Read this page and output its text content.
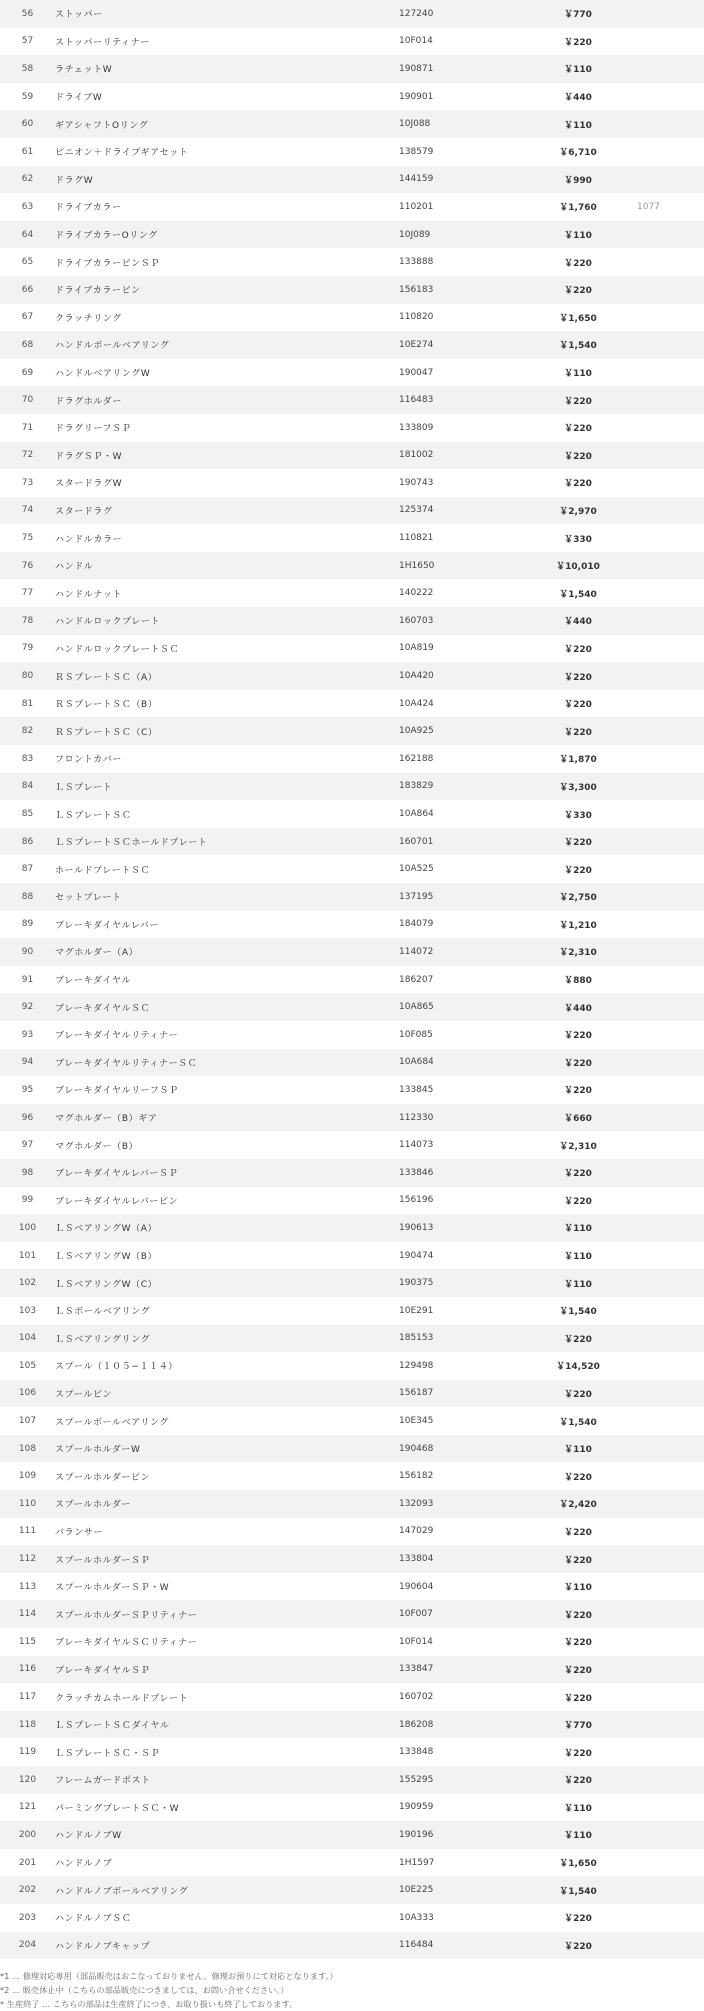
56	ストッパー	127240	￥770	
57	ストッパーリティナー	10F014	￥220	
58	ラチェットW	190871	￥110	
59	ドライブW	190901	￥440	
60	ギアシャフトOリング	10J088	￥110	
61	ピニオン＋ドライブギアセット	138579	￥6,710	
62	ドラグW	144159	￥990	
63	ドライブカラー	110201	￥1,760	1077
64	ドライブカラーOリング	10J089	￥110	
65	ドライブカラーピンＳＰ	133888	￥220	
66	ドライブカラーピン	156183	￥220	
67	クラッチリング	110820	￥1,650	
68	ハンドルボールベアリング	10E274	￥1,540	
69	ハンドルベアリングW	190047	￥110	
70	ドラグホルダー	116483	￥220	
71	ドラグリーフＳＰ	133809	￥220	
72	ドラグＳＰ・W	181002	￥220	
73	スタードラグW	190743	￥220	
74	スタードラグ	125374	￥2,970	
75	ハンドルカラー	110821	￥330	
76	ハンドル	1H1650	￥10,010	
77	ハンドルナット	140222	￥1,540	
78	ハンドルロックプレート	160703	￥440	
79	ハンドルロックプレートＳＣ	10A819	￥220	
80	ＲＳプレートＳＣ（A）	10A420	￥220	
81	ＲＳプレートＳＣ（B）	10A424	￥220	
82	ＲＳプレートＳＣ（C）	10A925	￥220	
83	フロントカバー	162188	￥1,870	
84	ＬＳプレート	183829	￥3,300	
85	ＬＳプレートＳＣ	10A864	￥330	
86	ＬＳプレートＳＣホールドプレート	160701	￥220	
87	ホールドプレートＳＣ	10A525	￥220	
88	セットプレート	137195	￥2,750	
89	ブレーキダイヤルレバー	184079	￥1,210	
90	マグホルダー（A）	114072	￥2,310	
91	ブレーキダイヤル	186207	￥880	
92	ブレーキダイヤルＳＣ	10A865	￥440	
93	ブレーキダイヤルリティナー	10F085	￥220	
94	ブレーキダイヤルリティナーＳＣ	10A684	￥220	
95	ブレーキダイヤルリーフＳＰ	133845	￥220	
96	マグホルダー（B）ギア	112330	￥660	
97	マグホルダー（B）	114073	￥2,310	
98	ブレーキダイヤルレバーＳＰ	133846	￥220	
99	ブレーキダイヤルレバーピン	156196	￥220	
100	ＬＳベアリングW（A）	190613	￥110	
101	ＬＳベアリングW（B）	190474	￥110	
102	ＬＳベアリングW（C）	190375	￥110	
103	ＬＳボールベアリング	10E291	￥1,540	
104	ＬＳベアリングリング	185153	￥220	
105	スプール（１０５−１１４）	129498	￥14,520	
106	スプールピン	156187	￥220	
107	スプールボールベアリング	10E345	￥1,540	
108	スプールホルダーW	190468	￥110	
109	スプールホルダーピン	156182	￥220	
110	スプールホルダー	132093	￥2,420	
111	バランサー	147029	￥220	
112	スプールホルダーＳＰ	133804	￥220	
113	スプールホルダーＳＰ・W	190604	￥110	
114	スプールホルダーＳＰリティナー	10F007	￥220	
115	ブレーキダイヤルＳＣリティナー	10F014	￥220	
116	ブレーキダイヤルＳＰ	133847	￥220	
117	クラッチカムホールドプレート	160702	￥220	
118	ＬＳプレートＳＣダイヤル	186208	￥770	
119	ＬＳプレートＳＣ・ＳＰ	133848	￥220	
120	フレームガードポスト	155295	￥220	
121	パーミングプレートＳＣ・W	190959	￥110	
200	ハンドルノブW	190196	￥110	
201	ハンドルノブ	1H1597	￥1,650	
202	ハンドルノブボールベアリング	10E225	￥1,540	
203	ハンドルノブＳＣ	10A333	￥220	
204	ハンドルノブキャップ	116484	￥220	

*1 … 修理対応専用（部品販売はおこなっておりません。修理お預りにて対応となります。）

*2 … 販売休止中（こちらの部品販売につきましては、お問い合せください。）

* 生産終了 … こちらの部品は生産終了につき、お取り扱いも終了しております。
